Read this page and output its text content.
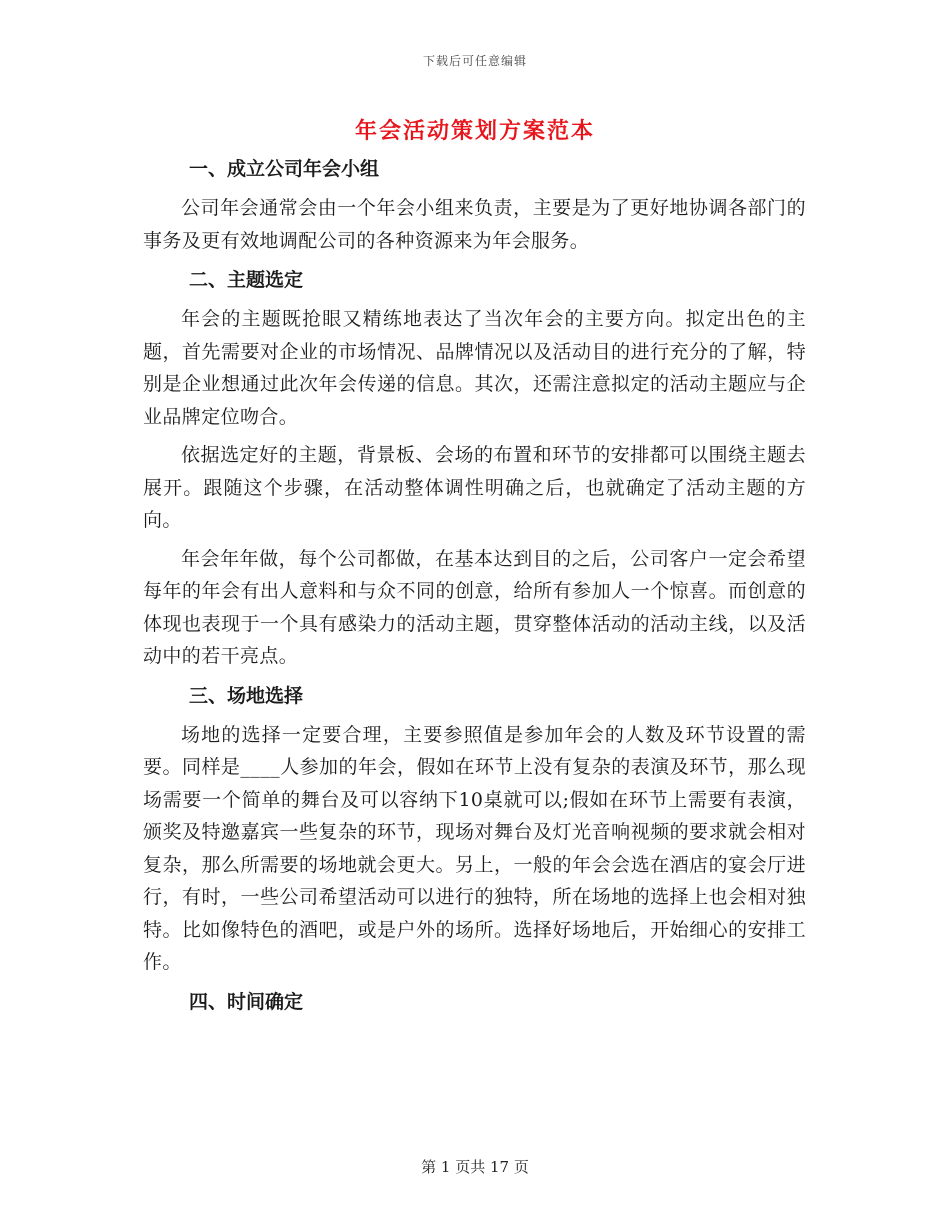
下载后可任意编辑
年会活动策划方案范本
一、成立公司年会小组

公司年会通常会由一个年会小组来负责，主要是为了更好地协调各部门的事务及更有效地调配公司的各种资源来为年会服务。

二、主题选定

年会的主题既抢眼又精练地表达了当次年会的主要方向。拟定出色的主题，首先需要对企业的市场情况、品牌情况以及活动目的进行充分的了解，特别是企业想通过此次年会传递的信息。其次，还需注意拟定的活动主题应与企业品牌定位吻合。

依据选定好的主题，背景板、会场的布置和环节的安排都可以围绕主题去展开。跟随这个步骤，在活动整体调性明确之后，也就确定了活动主题的方向。

年会年年做，每个公司都做，在基本达到目的之后，公司客户一定会希望每年的年会有出人意料和与众不同的创意，给所有参加人一个惊喜。而创意的体现也表现于一个具有感染力的活动主题，贯穿整体活动的活动主线，以及活动中的若干亮点。

三、场地选择

场地的选择一定要合理，主要参照值是参加年会的人数及环节设置的需要。同样是____人参加的年会，假如在环节上没有复杂的表演及环节，那么现场需要一个简单的舞台及可以容纳下10桌就可以;假如在环节上需要有表演，颁奖及特邀嘉宾一些复杂的环节，现场对舞台及灯光音响视频的要求就会相对复杂，那么所需要的场地就会更大。另上，一般的年会会选在酒店的宴会厅进行，有时，一些公司希望活动可以进行的独特，所在场地的选择上也会相对独特。比如像特色的酒吧，或是户外的场所。选择好场地后，开始细心的安排工作。

四、时间确定
第 1 页共 17 页
